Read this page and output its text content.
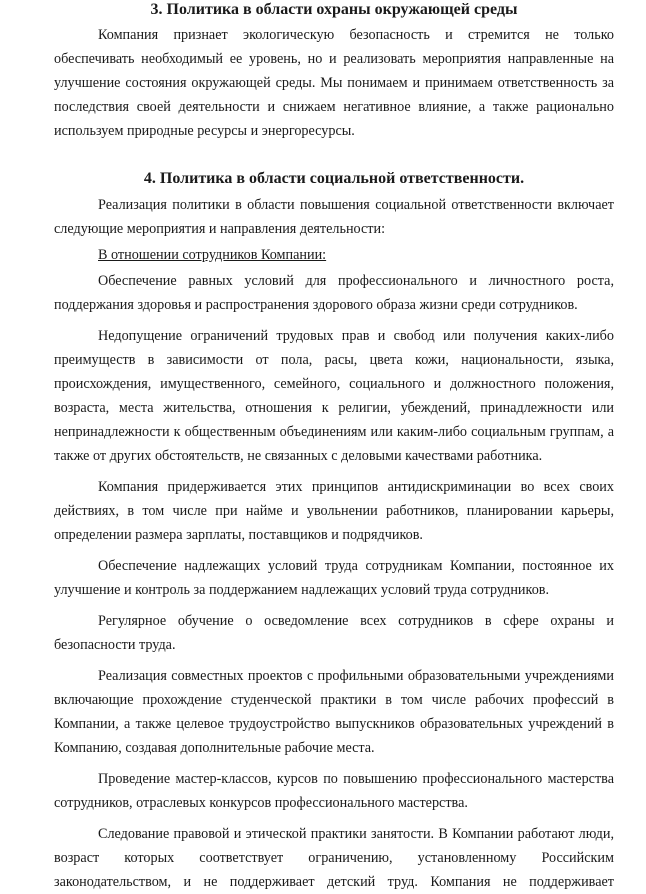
3. Политика в области охраны окружающей среды

Компания признает экологическую безопасность и стремится не только обеспечивать необходимый ее уровень, но и реализовать мероприятия направленные на улучшение состояния окружающей среды. Мы понимаем и принимаем ответственность за последствия своей деятельности и снижаем негативное влияние, а также рационально используем природные ресурсы и энергоресурсы.

4. Политика в области социальной ответственности.

Реализация политики в области повышения социальной ответственности включает следующие мероприятия и направления деятельности:

В отношении сотрудников Компании:

Обеспечение равных условий для профессионального и личностного роста, поддержания здоровья и распространения здорового образа жизни среди сотрудников.

Недопущение ограничений трудовых прав и свобод или получения каких-либо преимуществ в зависимости от пола, расы, цвета кожи, национальности, языка, происхождения, имущественного, семейного, социального и должностного положения, возраста, места жительства, отношения к религии, убеждений, принадлежности или непринадлежности к общественным объединениям или каким-либо социальным группам, а также от других обстоятельств, не связанных с деловыми качествами работника.

Компания придерживается этих принципов антидискриминации во всех своих действиях, в том числе при найме и увольнении работников, планировании карьеры, определении размера зарплаты, поставщиков и подрядчиков.

Обеспечение надлежащих условий труда сотрудникам Компании, постоянное их улучшение и контроль за поддержанием надлежащих условий труда сотрудников.

Регулярное обучение о осведомление всех сотрудников в сфере охраны и безопасности труда.

Реализация совместных проектов с профильными образовательными учреждениями включающие прохождение студенческой практики в том числе рабочих профессий в Компании, а также целевое трудоустройство выпускников образовательных учреждений в Компанию, создавая дополнительные рабочие места.

Проведение мастер-классов, курсов по повышению профессионального мастерства сотрудников, отраслевых конкурсов профессионального мастерства.

Следование правовой и этической практики занятости. В Компании работают люди, возраст которых соответствует ограничению, установленному Российским законодательством, и не поддерживает детский труд. Компания не поддерживает
